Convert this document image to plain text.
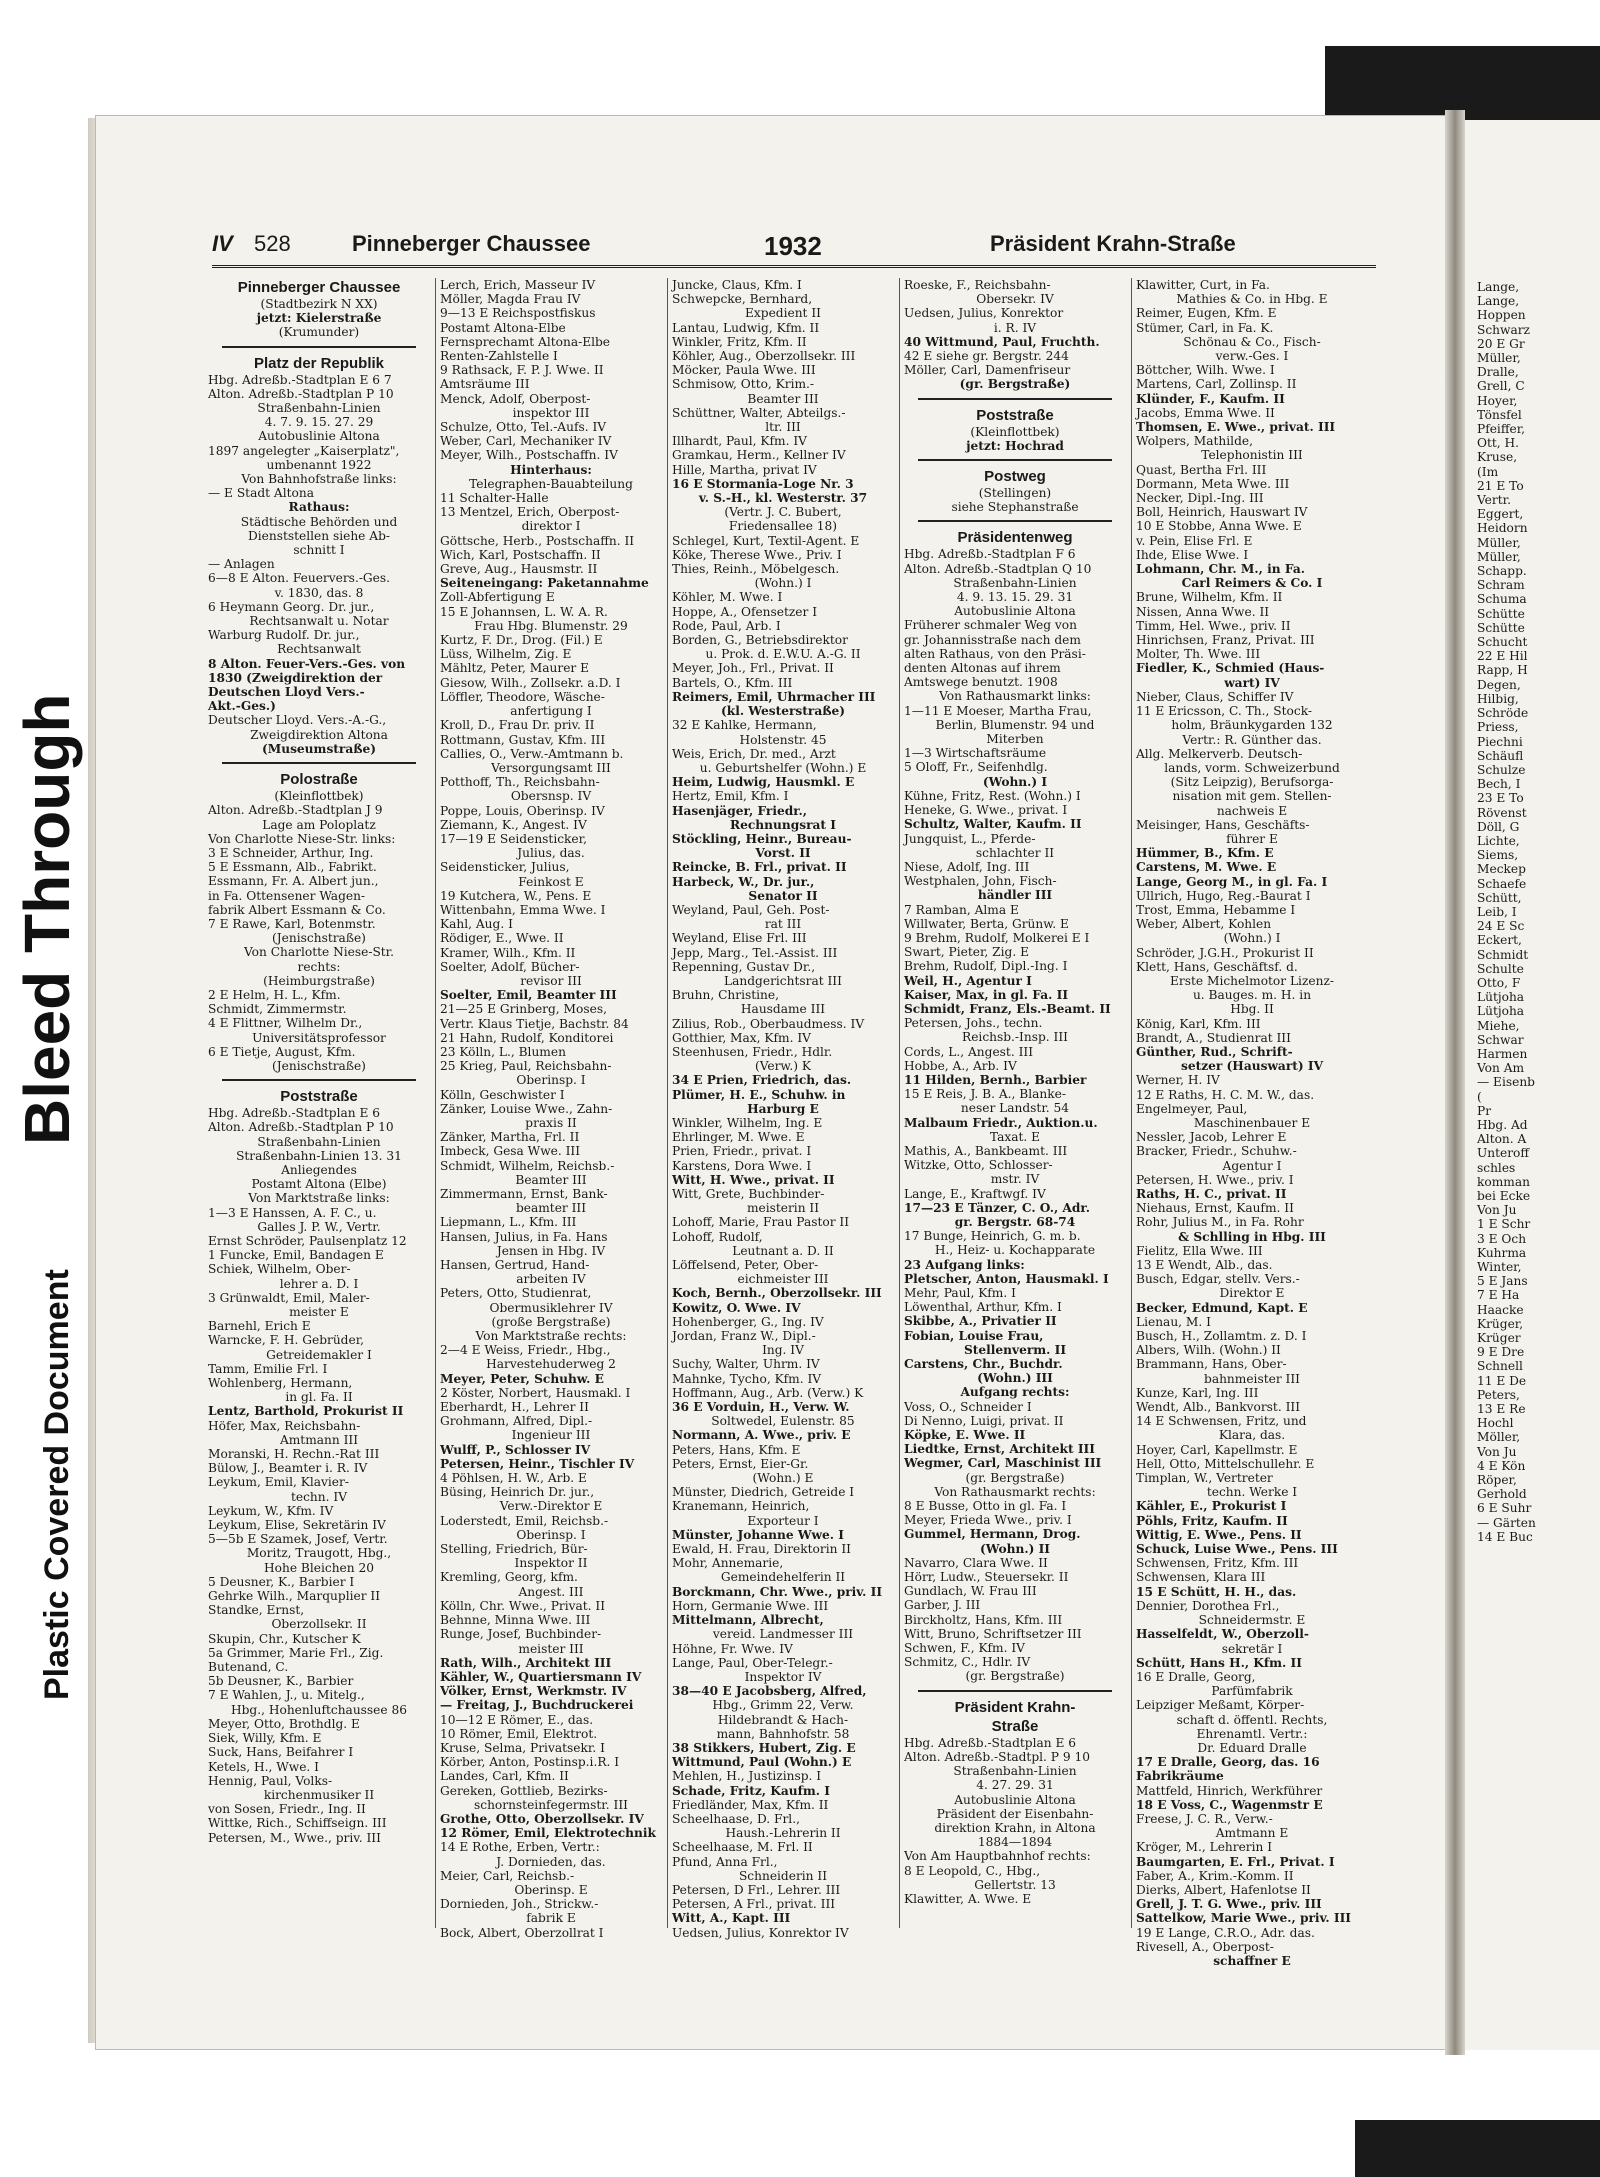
Bleed Through
Plastic Covered Document
Lange,
Lange,
Hoppen
Schwarz
20 E Gr
Müller,
Dralle,
Grell, C
Hoyer,
Tönsfel
Pfeiffer,
Ott, H.
Kruse,
(Im
21 E To
Vertr.
Eggert,
Heidorn
Müller,
Müller,
Schapp.
Schram
Schuma
Schütte
Schütte
Schucht
22 E Hil
Rapp, H
Degen,
Hilbig,
Schröde
Priess,
Piechni
Schäufl
Schulze
Bech, I
23 E To
Rövenst
Döll, G
Lichte,
Siems,
Meckep
Schaefe
Schütt,
Leib, I
24 E Sc
Eckert,
Schmidt
Schulte
Otto, F
Lütjoha
Lütjoha
Miehe,
Schwar
Harmen
Von Am
— Eisenb
(
Pr
Hbg. Ad
Alton. A
Unteroff
schles
komman
bei Ecke
Von Ju
1 E Schr
3 E Och
Kuhrma
Winter,
5 E Jans
7 E Ha
Haacke
Krüger,
Krüger
9 E Dre
Schnell
11 E De
Peters,
13 E Re
Hochl
Möller,
Von Ju
4 E Kön
Röper,
Gerhold
6 E Suhr
— Gärten
14 E Buc
IV 528	Pinneberger Chaussee	1932	Präsident Krahn-Straße
Pinneberger Chaussee
(Stadtbezirk N XX)
jetzt: Kielerstraße
(Krumunder)
Platz der Republik
Hbg. Adreßb.-Stadtplan E 6 7
Alton. Adreßb.-Stadtplan P 10
Straßenbahn-Linien
4. 7. 9. 15. 27. 29
Autobuslinie Altona
1897 angelegter „Kaiserplatz",
umbenannt 1922
Von Bahnhofstraße links:
— E Stadt Altona
Rathaus:
Städtische Behörden und
Dienststellen siehe Ab-
schnitt I
— Anlagen
6—8 E Alton. Feuervers.-Ges.
v. 1830, das. 8
6 Heymann Georg. Dr. jur.,
Rechtsanwalt u. Notar
Warburg Rudolf. Dr. jur.,
Rechtsanwalt
8 Alton. Feuer-Vers.-Ges. von
1830 (Zweigdirektion der
Deutschen Lloyd Vers.-
Akt.-Ges.)
Deutscher Lloyd. Vers.-A.-G.,
Zweigdirektion Altona
(Museumstraße)
Polostraße
(Kleinflottbek)
Alton. Adreßb.-Stadtplan J 9
Lage am Poloplatz
Von Charlotte Niese-Str. links:
3 E Schneider, Arthur, Ing.
5 E Essmann, Alb., Fabrikt.
Essmann, Fr. A. Albert jun.,
in Fa. Ottensener Wagen-
fabrik Albert Essmann & Co.
7 E Rawe, Karl, Botenmstr.
(Jenischstraße)
Von Charlotte Niese-Str.
rechts:
(Heimburgstraße)
2 E Helm, H. L., Kfm.
Schmidt, Zimmermstr.
4 E Flittner, Wilhelm Dr.,
Universitätsprofessor
6 E Tietje, August, Kfm.
(Jenischstraße)
Poststraße
Hbg. Adreßb.-Stadtplan E 6
Alton. Adreßb.-Stadtplan P 10
Straßenbahn-Linien
Straßenbahn-Linien 13. 31
Anliegendes
Postamt Altona (Elbe)
Von Marktstraße links:
1—3 E Hanssen, A. F. C., u.
Galles J. P. W., Vertr.
Ernst Schröder, Paulsenplatz 12
1 Funcke, Emil, Bandagen E
Schiek, Wilhelm, Ober-
lehrer a. D. I
3 Grünwaldt, Emil, Maler-
meister E
Barnehl, Erich E
Warncke, F. H. Gebrüder,
Getreidemakler I
Tamm, Emilie Frl. I
Wohlenberg, Hermann,
in gl. Fa. II
Lentz, Barthold, Prokurist II
Höfer, Max, Reichsbahn-
Amtmann III
Moranski, H. Rechn.-Rat III
Bülow, J., Beamter i. R. IV
Leykum, Emil, Klavier-
techn. IV
Leykum, W., Kfm. IV
Leykum, Elise, Sekretärin IV
5—5b E Szamek, Josef, Vertr.
Moritz, Traugott, Hbg.,
Hohe Bleichen 20
5 Deusner, K., Barbier I
Gehrke Wilh., Marquplier II
Standke, Ernst,
Oberzollsekr. II
Skupin, Chr., Kutscher K
5a Grimmer, Marie Frl., Zig.
Butenand, C.
5b Deusner, K., Barbier
7 E Wahlen, J., u. Mitelg.,
Hbg., Hohenluftchaussee 86
Meyer, Otto, Brothdlg. E
Siek, Willy, Kfm. E
Suck, Hans, Beifahrer I
Ketels, H., Wwe. I
Hennig, Paul, Volks-
kirchenmusiker II
von Sosen, Friedr., Ing. II
Wittke, Rich., Schiffseign. III
Petersen, M., Wwe., priv. III
Lerch, Erich, Masseur IV
Möller, Magda Frau IV
9—13 E Reichspostfiskus
Postamt Altona-Elbe
Fernsprechamt Altona-Elbe
Renten-Zahlstelle I
9 Rathsack, F. P. J. Wwe. II
Amtsräume III
Menck, Adolf, Oberpost-
inspektor III
Schulze, Otto, Tel.-Aufs. IV
Weber, Carl, Mechaniker IV
Meyer, Wilh., Postschaffn. IV
Hinterhaus:
Telegraphen-Bauabteilung
11 Schalter-Halle
13 Mentzel, Erich, Oberpost-
direktor I
Göttsche, Herb., Postschaffn. II
Wich, Karl, Postschaffn. II
Greve, Aug., Hausmstr. II
Seiteneingang: Paketannahme
Zoll-Abfertigung E
15 E Johannsen, L. W. A. R.
Frau Hbg. Blumenstr. 29
Kurtz, F. Dr., Drog. (Fil.) E
Lüss, Wilhelm, Zig. E
Mähltz, Peter, Maurer E
Giesow, Wilh., Zollsekr. a.D. I
Löffler, Theodore, Wäsche-
anfertigung I
Kroll, D., Frau Dr. priv. II
Rottmann, Gustav, Kfm. III
Callies, O., Verw.-Amtmann b.
Versorgungsamt III
Potthoff, Th., Reichsbahn-
Obersnsp. IV
Poppe, Louis, Oberinsp. IV
Ziemann, K., Angest. IV
17—19 E Seidensticker,
Julius, das.
Seidensticker, Julius,
Feinkost E
19 Kutchera, W., Pens. E
Wittenbahn, Emma Wwe. I
Kahl, Aug. I
Rödiger, E., Wwe. II
Kramer, Wilh., Kfm. II
Soelter, Adolf, Bücher-
revisor III
Soelter, Emil, Beamter III
21—25 E Grinberg, Moses,
Vertr. Klaus Tietje, Bachstr. 84
21 Hahn, Rudolf, Konditorei
23 Kölln, L., Blumen
25 Krieg, Paul, Reichsbahn-
Oberinsp. I
Kölln, Geschwister I
Zänker, Louise Wwe., Zahn-
praxis II
Zänker, Martha, Frl. II
Imbeck, Gesa Wwe. III
Schmidt, Wilhelm, Reichsb.-
Beamter III
Zimmermann, Ernst, Bank-
beamter III
Liepmann, L., Kfm. III
Hansen, Julius, in Fa. Hans
Jensen in Hbg. IV
Hansen, Gertrud, Hand-
arbeiten IV
Peters, Otto, Studienrat,
Obermusiklehrer IV
(große Bergstraße)
Von Marktstraße rechts:
2—4 E Weiss, Friedr., Hbg.,
Harvestehuderweg 2
Meyer, Peter, Schuhw. E
2 Köster, Norbert, Hausmakl. I
Eberhardt, H., Lehrer II
Grohmann, Alfred, Dipl.-
Ingenieur III
Wulff, P., Schlosser IV
Petersen, Heinr., Tischler IV
4 Pöhlsen, H. W., Arb. E
Büsing, Heinrich Dr. jur.,
Verw.-Direktor E
Loderstedt, Emil, Reichsb.-
Oberinsp. I
Stelling, Friedrich, Bür-
Inspektor II
Kremling, Georg, kfm.
Angest. III
Kölln, Chr. Wwe., Privat. II
Behnne, Minna Wwe. III
Runge, Josef, Buchbinder-
meister III
Rath, Wilh., Architekt III
Kähler, W., Quartiersmann IV
Völker, Ernst, Werkmstr. IV
— Freitag, J., Buchdruckerei
10—12 E Römer, E., das.
10 Römer, Emil, Elektrot.
Kruse, Selma, Privatsekr. I
Körber, Anton, Postinsp.i.R. I
Landes, Carl, Kfm. II
Gereken, Gottlieb, Bezirks-
schornsteinfegermstr. III
Grothe, Otto, Oberzollsekr. IV
12 Römer, Emil, Elektrotechnik
14 E Rothe, Erben, Vertr.:
J. Dornieden, das.
Meier, Carl, Reichsb.-
Oberinsp. E
Dornieden, Joh., Strickw.-
fabrik E
Bock, Albert, Oberzollrat I
Juncke, Claus, Kfm. I
Schwepcke, Bernhard,
Expedient II
Lantau, Ludwig, Kfm. II
Winkler, Fritz, Kfm. II
Köhler, Aug., Oberzollsekr. III
Möcker, Paula Wwe. III
Schmisow, Otto, Krim.-
Beamter III
Schüttner, Walter, Abteilgs.-
ltr. III
Illhardt, Paul, Kfm. IV
Gramkau, Herm., Kellner IV
Hille, Martha, privat IV
16 E Stormania-Loge Nr. 3
v. S.-H., kl. Westerstr. 37
(Vertr. J. C. Bubert,
Friedensallee 18)
Schlegel, Kurt, Textil-Agent. E
Köke, Therese Wwe., Priv. I
Thies, Reinh., Möbelgesch.
(Wohn.) I
Köhler, M. Wwe. I
Hoppe, A., Ofensetzer I
Rode, Paul, Arb. I
Borden, G., Betriebsdirektor
u. Prok. d. E.W.U. A.-G. II
Meyer, Joh., Frl., Privat. II
Bartels, O., Kfm. III
Reimers, Emil, Uhrmacher III
(kl. Westerstraße)
32 E Kahlke, Hermann,
Holstenstr. 45
Weis, Erich, Dr. med., Arzt
u. Geburtshelfer (Wohn.) E
Heim, Ludwig, Hausmkl. E
Hertz, Emil, Kfm. I
Hasenjäger, Friedr.,
Rechnungsrat I
Stöckling, Heinr., Bureau-
Vorst. II
Reincke, B. Frl., privat. II
Harbeck, W., Dr. jur.,
Senator II
Weyland, Paul, Geh. Post-
rat III
Weyland, Elise Frl. III
Jepp, Marg., Tel.-Assist. III
Repenning, Gustav Dr.,
Landgerichtsrat III
Bruhn, Christine,
Hausdame III
Zilius, Rob., Oberbaudmess. IV
Gotthier, Max, Kfm. IV
Steenhusen, Friedr., Hdlr.
(Verw.) K
34 E Prien, Friedrich, das.
Plümer, H. E., Schuhw. in
Harburg E
Winkler, Wilhelm, Ing. E
Ehrlinger, M. Wwe. E
Prien, Friedr., privat. I
Karstens, Dora Wwe. I
Witt, H. Wwe., privat. II
Witt, Grete, Buchbinder-
meisterin II
Lohoff, Marie, Frau Pastor II
Lohoff, Rudolf,
Leutnant a. D. II
Löffelsend, Peter, Ober-
eichmeister III
Koch, Bernh., Oberzollsekr. III
Kowitz, O. Wwe. IV
Hohenberger, G., Ing. IV
Jordan, Franz W., Dipl.-
Ing. IV
Suchy, Walter, Uhrm. IV
Mahnke, Tycho, Kfm. IV
Hoffmann, Aug., Arb. (Verw.) K
36 E Vorduin, H., Verw. W.
Soltwedel, Eulenstr. 85
Normann, A. Wwe., priv. E
Peters, Hans, Kfm. E
Peters, Ernst, Eier-Gr.
(Wohn.) E
Münster, Diedrich, Getreide I
Kranemann, Heinrich,
Exporteur I
Münster, Johanne Wwe. I
Ewald, H. Frau, Direktorin II
Mohr, Annemarie,
Gemeindehelferin II
Borckmann, Chr. Wwe., priv. II
Horn, Germanie Wwe. III
Mittelmann, Albrecht,
vereid. Landmesser III
Höhne, Fr. Wwe. IV
Lange, Paul, Ober-Telegr.-
Inspektor IV
38—40 E Jacobsberg, Alfred,
Hbg., Grimm 22, Verw.
Hildebrandt & Hach-
mann, Bahnhofstr. 58
38 Stikkers, Hubert, Zig. E
Wittmund, Paul (Wohn.) E
Mehlen, H., Justizinsp. I
Schade, Fritz, Kaufm. I
Friedländer, Max, Kfm. II
Scheelhaase, D. Frl.,
Haush.-Lehrerin II
Scheelhaase, M. Frl. II
Pfund, Anna Frl.,
Schneiderin II
Petersen, D Frl., Lehrer. III
Petersen, A Frl., privat. III
Witt, A., Kapt. III
Uedsen, Julius, Konrektor IV
Roeske, F., Reichsbahn-
Obersekr. IV
Uedsen, Julius, Konrektor
i. R. IV
40 Wittmund, Paul, Fruchth.
42 E siehe gr. Bergstr. 244
Möller, Carl, Damenfriseur
(gr. Bergstraße)
Poststraße
(Kleinflottbek)
jetzt: Hochrad
Postweg
(Stellingen)
siehe Stephanstraße
Präsidentenweg
Hbg. Adreßb.-Stadtplan F 6
Alton. Adreßb.-Stadtplan Q 10
Straßenbahn-Linien
4. 9. 13. 15. 29. 31
Autobuslinie Altona
Früherer schmaler Weg von
gr. Johannisstraße nach dem
alten Rathaus, von den Präsi-
denten Altonas auf ihrem
Amtswege benutzt. 1908
Von Rathausmarkt links:
1—11 E Moeser, Martha Frau,
Berlin, Blumenstr. 94 und
Miterben
1—3 Wirtschaftsräume
5 Oloff, Fr., Seifenhdlg.
(Wohn.) I
Kühne, Fritz, Rest. (Wohn.) I
Heneke, G. Wwe., privat. I
Schultz, Walter, Kaufm. II
Jungquist, L., Pferde-
schlachter II
Niese, Adolf, Ing. III
Westphalen, John, Fisch-
händler III
7 Ramban, Alma E
Willwater, Berta, Grünw. E
9 Brehm, Rudolf, Molkerei E I
Swart, Pieter, Zig. E
Brehm, Rudolf, Dipl.-Ing. I
Weil, H., Agentur I
Kaiser, Max, in gl. Fa. II
Schmidt, Franz, Els.-Beamt. II
Petersen, Johs., techn.
Reichsb.-Insp. III
Cords, L., Angest. III
Hobbe, A., Arb. IV
11 Hilden, Bernh., Barbier
15 E Reis, J. B. A., Blanke-
neser Landstr. 54
Malbaum Friedr., Auktion.u.
Taxat. E
Mathis, A., Bankbeamt. III
Witzke, Otto, Schlosser-
mstr. IV
Lange, E., Kraftwgf. IV
17—23 E Tänzer, C. O., Adr.
gr. Bergstr. 68-74
17 Bunge, Heinrich, G. m. b.
H., Heiz- u. Kochapparate
23 Aufgang links:
Pletscher, Anton, Hausmakl. I
Mehr, Paul, Kfm. I
Löwenthal, Arthur, Kfm. I
Skibbe, A., Privatier II
Fobian, Louise Frau,
Stellenverm. II
Carstens, Chr., Buchdr.
(Wohn.) III
Aufgang rechts:
Voss, O., Schneider I
Di Nenno, Luigi, privat. II
Köpke, E. Wwe. II
Liedtke, Ernst, Architekt III
Wegmer, Carl, Maschinist III
(gr. Bergstraße)
Von Rathausmarkt rechts:
8 E Busse, Otto in gl. Fa. I
Meyer, Frieda Wwe., priv. I
Gummel, Hermann, Drog.
(Wohn.) II
Navarro, Clara Wwe. II
Hörr, Ludw., Steuersekr. II
Gundlach, W. Frau III
Garber, J. III
Birckholtz, Hans, Kfm. III
Witt, Bruno, Schriftsetzer III
Schwen, F., Kfm. IV
Schmitz, C., Hdlr. IV
(gr. Bergstraße)
Präsident Krahn-
Straße
Hbg. Adreßb.-Stadtplan E 6
Alton. Adreßb.-Stadtpl. P 9 10
Straßenbahn-Linien
4. 27. 29. 31
Autobuslinie Altona
Präsident der Eisenbahn-
direktion Krahn, in Altona
1884—1894
Von Am Hauptbahnhof rechts:
8 E Leopold, C., Hbg.,
Gellertstr. 13
Klawitter, A. Wwe. E
Klawitter, Curt, in Fa.
Mathies & Co. in Hbg. E
Reimer, Eugen, Kfm. E
Stümer, Carl, in Fa. K.
Schönau & Co., Fisch-
verw.-Ges. I
Böttcher, Wilh. Wwe. I
Martens, Carl, Zollinsp. II
Klünder, F., Kaufm. II
Jacobs, Emma Wwe. II
Thomsen, E. Wwe., privat. III
Wolpers, Mathilde,
Telephonistin III
Quast, Bertha Frl. III
Dormann, Meta Wwe. III
Necker, Dipl.-Ing. III
Boll, Heinrich, Hauswart IV
10 E Stobbe, Anna Wwe. E
v. Pein, Elise Frl. E
Ihde, Elise Wwe. I
Lohmann, Chr. M., in Fa.
Carl Reimers & Co. I
Brune, Wilhelm, Kfm. II
Nissen, Anna Wwe. II
Timm, Hel. Wwe., priv. II
Hinrichsen, Franz, Privat. III
Molter, Th. Wwe. III
Fiedler, K., Schmied (Haus-
wart) IV
Nieber, Claus, Schiffer IV
11 E Ericsson, C. Th., Stock-
holm, Bräunkygarden 132
Vertr.: R. Günther das.
Allg. Melkerverb. Deutsch-
lands, vorm. Schweizerbund
(Sitz Leipzig), Berufsorga-
nisation mit gem. Stellen-
nachweis E
Meisinger, Hans, Geschäfts-
führer E
Hümmer, B., Kfm. E
Carstens, M. Wwe. E
Lange, Georg M., in gl. Fa. I
Ullrich, Hugo, Reg.-Baurat I
Trost, Emma, Hebamme I
Weber, Albert, Kohlen
(Wohn.) I
Schröder, J.G.H., Prokurist II
Klett, Hans, Geschäftsf. d.
Erste Michelmotor Lizenz-
u. Bauges. m. H. in
Hbg. II
König, Karl, Kfm. III
Brandt, A., Studienrat III
Günther, Rud., Schrift-
setzer (Hauswart) IV
Werner, H. IV
12 E Raths, H. C. M. W., das.
Engelmeyer, Paul,
Maschinenbauer E
Nessler, Jacob, Lehrer E
Bracker, Friedr., Schuhw.-
Agentur I
Petersen, H. Wwe., priv. I
Raths, H. C., privat. II
Niehaus, Ernst, Kaufm. II
Rohr, Julius M., in Fa. Rohr
& Schlling in Hbg. III
Fielitz, Ella Wwe. III
13 E Wendt, Alb., das.
Busch, Edgar, stellv. Vers.-
Direktor E
Becker, Edmund, Kapt. E
Lienau, M. I
Busch, H., Zollamtm. z. D. I
Albers, Wilh. (Wohn.) II
Brammann, Hans, Ober-
bahnmeister III
Kunze, Karl, Ing. III
Wendt, Alb., Bankvorst. III
14 E Schwensen, Fritz, und
Klara, das.
Hoyer, Carl, Kapellmstr. E
Hell, Otto, Mittelschullehr. E
Timplan, W., Vertreter
techn. Werke I
Kähler, E., Prokurist I
Pöhls, Fritz, Kaufm. II
Wittig, E. Wwe., Pens. II
Schuck, Luise Wwe., Pens. III
Schwensen, Fritz, Kfm. III
Schwensen, Klara III
15 E Schütt, H. H., das.
Dennier, Dorothea Frl.,
Schneidermstr. E
Hasselfeldt, W., Oberzoll-
sekretär I
Schütt, Hans H., Kfm. II
16 E Dralle, Georg,
Parfümfabrik
Leipziger Meßamt, Körper-
schaft d. öffentl. Rechts,
Ehrenamtl. Vertr.:
Dr. Eduard Dralle
17 E Dralle, Georg, das. 16
Fabrikräume
Mattfeld, Hinrich, Werkführer
18 E Voss, C., Wagenmstr E
Freese, J. C. R., Verw.-
Amtmann E
Kröger, M., Lehrerin I
Baumgarten, E. Frl., Privat. I
Faber, A., Krim.-Komm. II
Dierks, Albert, Hafenlotse II
Grell, J. T. G. Wwe., priv. III
Sattelkow, Marie Wwe., priv. III
19 E Lange, C.R.O., Adr. das.
Rivesell, A., Oberpost-
schaffner E
